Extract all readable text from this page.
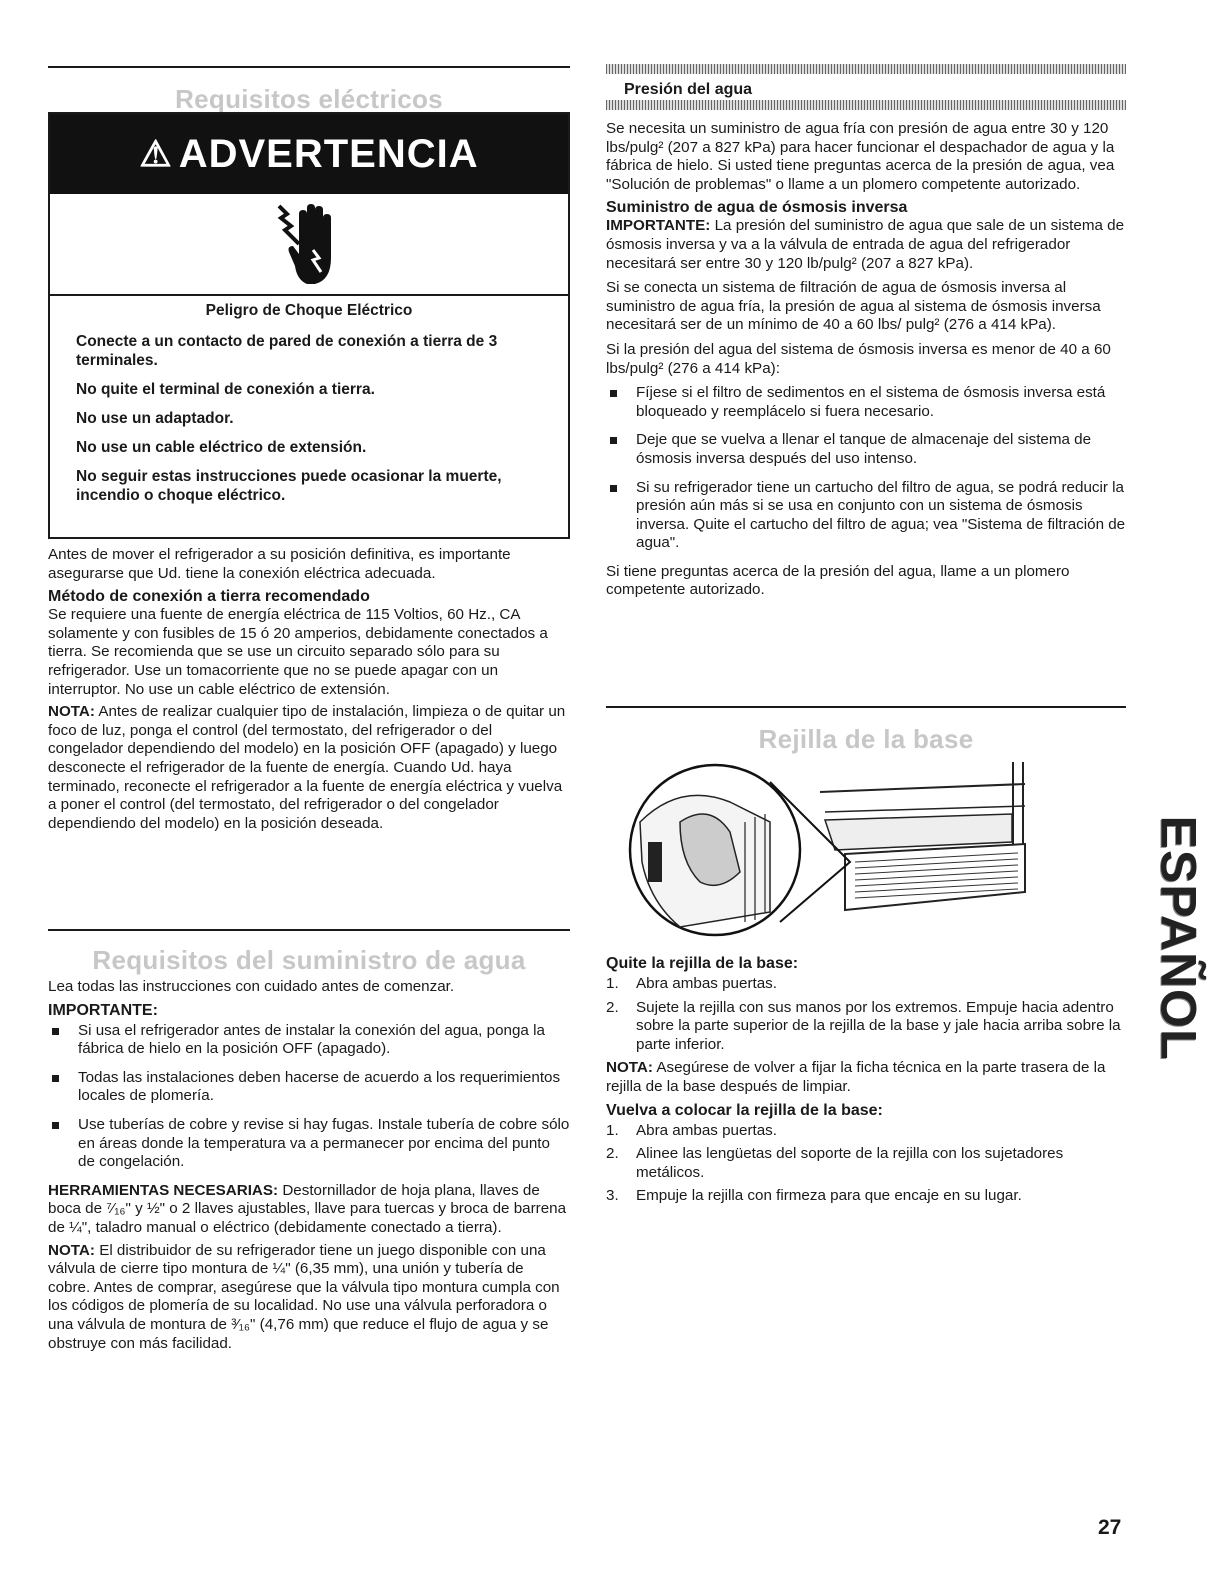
Requisitos eléctricos
⚠ ADVERTENCIA
Peligro de Choque Eléctrico

Conecte a un contacto de pared de conexión a tierra de 3 terminales.

No quite el terminal de conexión a tierra.

No use un adaptador.

No use un cable eléctrico de extensión.

No seguir estas instrucciones puede ocasionar la muerte, incendio o choque eléctrico.

Antes de mover el refrigerador a su posición definitiva, es importante asegurarse que Ud. tiene la conexión eléctrica adecuada.

Método de conexión a tierra recomendado

Se requiere una fuente de energía eléctrica de 115 Voltios, 60 Hz., CA solamente y con fusibles de 15 ó 20 amperios, debidamente conectados a tierra. Se recomienda que se use un circuito separado sólo para su refrigerador. Use un tomacorriente que no se puede apagar con un interruptor. No use un cable eléctrico de extensión.

NOTA: Antes de realizar cualquier tipo de instalación, limpieza o de quitar un foco de luz, ponga el control (del termostato, del refrigerador o del congelador dependiendo del modelo) en la posición OFF (apagado) y luego desconecte el refrigerador de la fuente de energía. Cuando Ud. haya terminado, reconecte el refrigerador a la fuente de energía eléctrica y vuelva a poner el control (del termostato, del refrigerador o del congelador dependiendo del modelo) en la posición deseada.

Requisitos del suministro de agua

Lea todas las instrucciones con cuidado antes de comenzar.

IMPORTANTE:
Si usa el refrigerador antes de instalar la conexión del agua, ponga la fábrica de hielo en la posición OFF (apagado).
Todas las instalaciones deben hacerse de acuerdo a los requerimientos locales de plomería.
Use tuberías de cobre y revise si hay fugas. Instale tubería de cobre sólo en áreas donde la temperatura va a permanecer por encima del punto de congelación.

HERRAMIENTAS NECESARIAS: Destornillador de hoja plana, llaves de boca de ⁷⁄₁₆" y ½" o 2 llaves ajustables, llave para tuercas y broca de barrena de ¼", taladro manual o eléctrico (debidamente conectado a tierra).

NOTA: El distribuidor de su refrigerador tiene un juego disponible con una válvula de cierre tipo montura de ¼" (6,35 mm), una unión y tubería de cobre. Antes de comprar, asegúrese que la válvula tipo montura cumpla con los códigos de plomería de su localidad. No use una válvula perforadora o una válvula de montura de ³⁄₁₆" (4,76 mm) que reduce el flujo de agua y se obstruye con más facilidad.

Presión del agua

Se necesita un suministro de agua fría con presión de agua entre 30 y 120 lbs/pulg² (207 a 827 kPa) para hacer funcionar el despachador de agua y la fábrica de hielo. Si usted tiene preguntas acerca de la presión de agua, vea "Solución de problemas" o llame a un plomero competente autorizado.

Suministro de agua de ósmosis inversa

IMPORTANTE: La presión del suministro de agua que sale de un sistema de ósmosis inversa y va a la válvula de entrada de agua del refrigerador necesitará ser entre 30 y 120 lb/pulg² (207 a 827 kPa).

Si se conecta un sistema de filtración de agua de ósmosis inversa al suministro de agua fría, la presión de agua al sistema de ósmosis inversa necesitará ser de un mínimo de 40 a 60 lbs/ pulg² (276 a 414 kPa).

Si la presión del agua del sistema de ósmosis inversa es menor de 40 a 60 lbs/pulg² (276 a 414 kPa):

Fíjese si el filtro de sedimentos en el sistema de ósmosis inversa está bloqueado y reemplácelo si fuera necesario.
Deje que se vuelva a llenar el tanque de almacenaje del sistema de ósmosis inversa después del uso intenso.
Si su refrigerador tiene un cartucho del filtro de agua, se podrá reducir la presión aún más si se usa en conjunto con un sistema de ósmosis inversa. Quite el cartucho del filtro de agua; vea "Sistema de filtración de agua".

Si tiene preguntas acerca de la presión del agua, llame a un plomero competente autorizado.

Rejilla de la base
Quite la rejilla de la base:
1. Abra ambas puertas.
2. Sujete la rejilla con sus manos por los extremos. Empuje hacia adentro sobre la parte superior de la rejilla de la base y jale hacia arriba sobre la parte inferior.

NOTA: Asegúrese de volver a fijar la ficha técnica en la parte trasera de la rejilla de la base después de limpiar.

Vuelva a colocar la rejilla de la base:
1. Abra ambas puertas.
2. Alinee las lengüetas del soporte de la rejilla con los sujetadores metálicos.
3. Empuje la rejilla con firmeza para que encaje en su lugar.
ESPAÑOL
27
